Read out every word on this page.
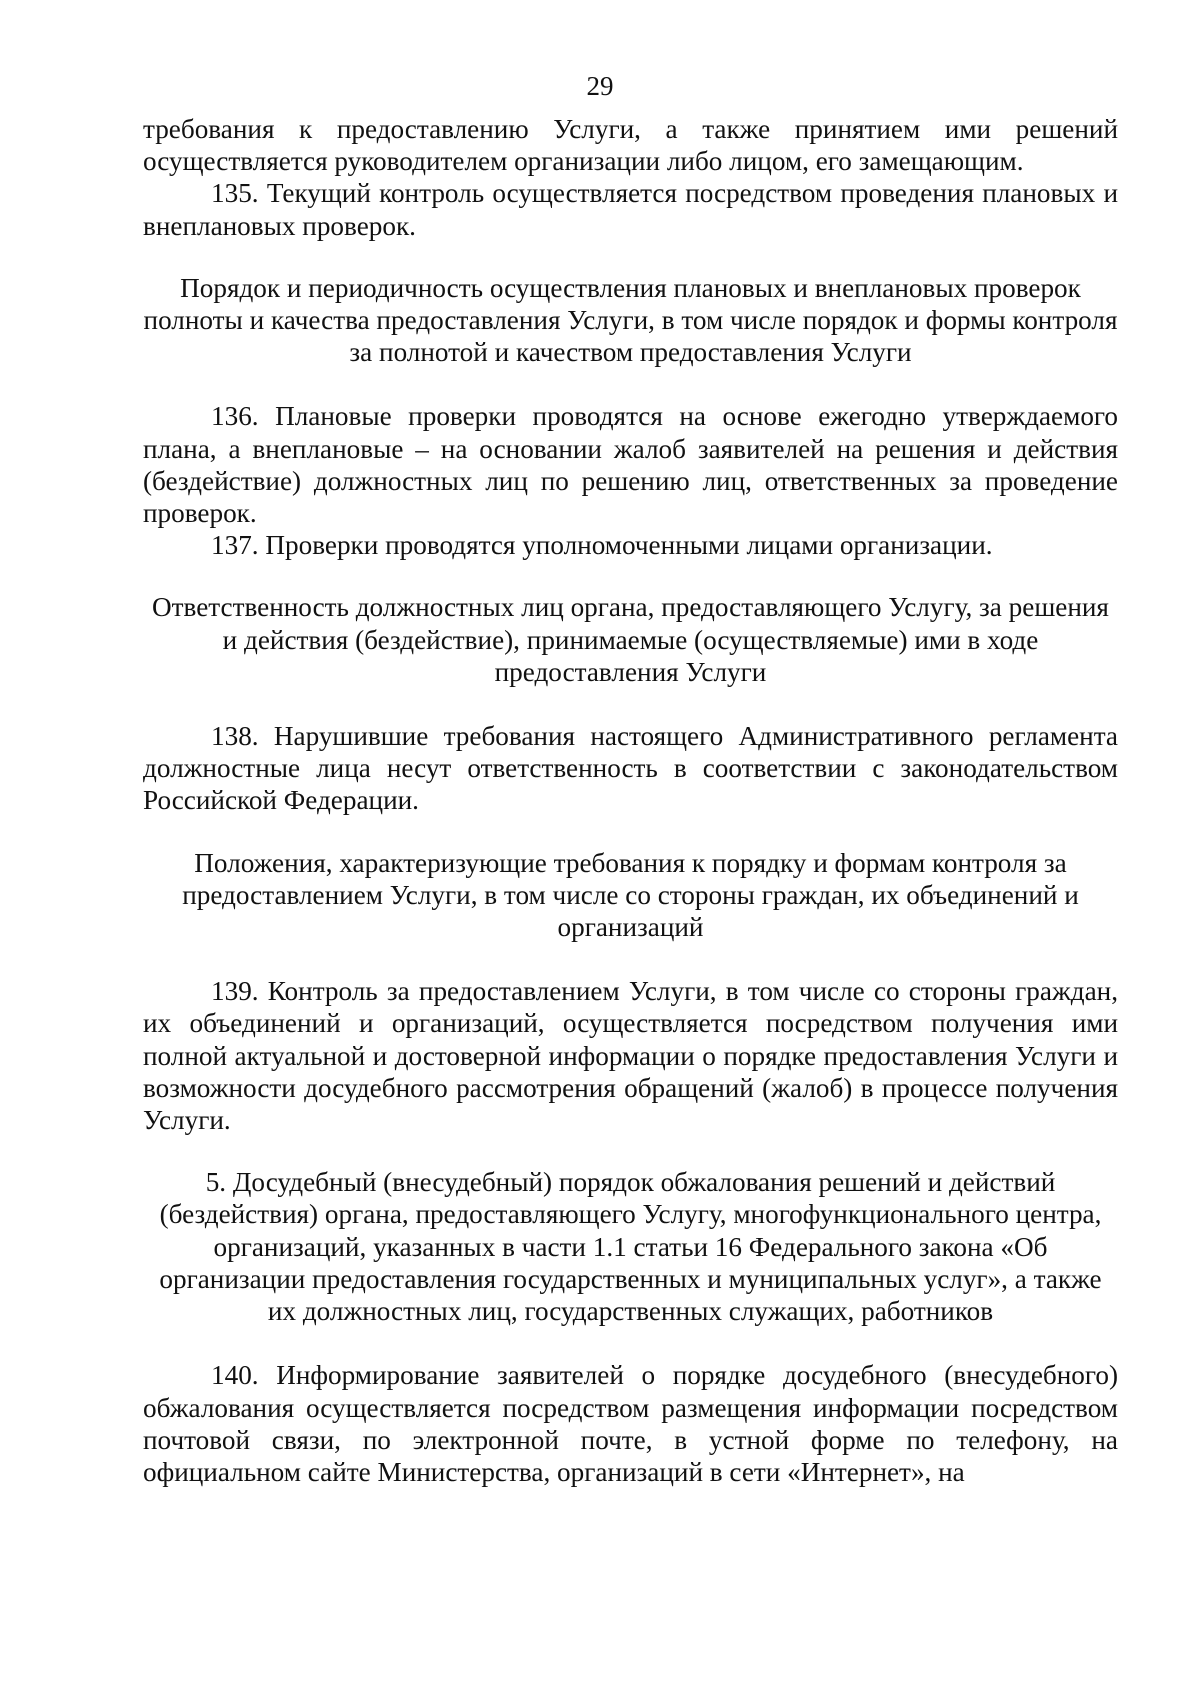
29

требования к предоставлению Услуги, а также принятием ими решений осуществляется руководителем организации либо лицом, его замещающим.

135. Текущий контроль осуществляется посредством проведения плановых и внеплановых проверок.

Порядок и периодичность осуществления плановых и внеплановых проверок полноты и качества предоставления Услуги, в том числе порядок и формы контроля за полнотой и качеством предоставления Услуги

136. Плановые проверки проводятся на основе ежегодно утверждаемого плана, а внеплановые – на основании жалоб заявителей на решения и действия (бездействие) должностных лиц по решению лиц, ответственных за проведение проверок.

137. Проверки проводятся уполномоченными лицами организации.

Ответственность должностных лиц органа, предоставляющего Услугу, за решения и действия (бездействие), принимаемые (осуществляемые) ими в ходе предоставления Услуги

138. Нарушившие требования настоящего Административного регламента должностные лица несут ответственность в соответствии с законодательством Российской Федерации.

Положения, характеризующие требования к порядку и формам контроля за предоставлением Услуги, в том числе со стороны граждан, их объединений и организаций

139. Контроль за предоставлением Услуги, в том числе со стороны граждан, их объединений и организаций, осуществляется посредством получения ими полной актуальной и достоверной информации о порядке предоставления Услуги и возможности досудебного рассмотрения обращений (жалоб) в процессе получения Услуги.

5. Досудебный (внесудебный) порядок обжалования решений и действий (бездействия) органа, предоставляющего Услугу, многофункционального центра, организаций, указанных в части 1.1 статьи 16 Федерального закона «Об организации предоставления государственных и муниципальных услуг», а также их должностных лиц, государственных служащих, работников

140. Информирование заявителей о порядке досудебного (внесудебного) обжалования осуществляется посредством размещения информации посредством почтовой связи, по электронной почте, в устной форме по телефону, на официальном сайте Министерства, организаций в сети «Интернет», на
